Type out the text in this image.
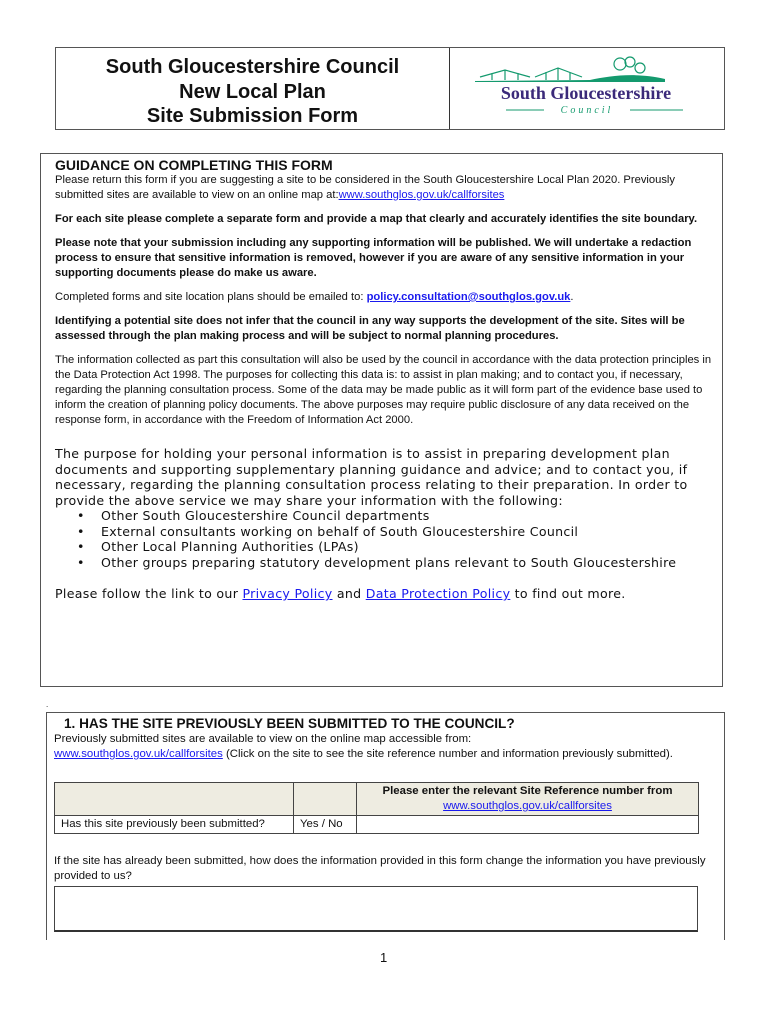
South Gloucestershire Council
New Local Plan
Site Submission Form
South Gloucestershire
Council
GUIDANCE ON COMPLETING THIS FORM

Please return this form if you are suggesting a site to be considered in the South Gloucestershire Local Plan 2020. Previously submitted sites are available to view on an online map at:www.southglos.gov.uk/callforsites

For each site please complete a separate form and provide a map that clearly and accurately identifies the site boundary.

Please note that your submission including any supporting information will be published. We will undertake a redaction process to ensure that sensitive information is removed, however if you are aware of any sensitive information in your supporting documents please do make us aware.

Completed forms and site location plans should be emailed to: policy.consultation@southglos.gov.uk.

Identifying a potential site does not infer that the council in any way supports the development of the site. Sites will be assessed through the plan making process and will be subject to normal planning procedures.

The information collected as part this consultation will also be used by the council in accordance with the data protection principles in the Data Protection Act 1998. The purposes for collecting this data is: to assist in plan making; and to contact you, if necessary, regarding the planning consultation process. Some of the data may be made public as it will form part of the evidence base used to inform the creation of planning policy documents. The above purposes may require public disclosure of any data received on the response form, in accordance with the Freedom of Information Act 2000.

The purpose for holding your personal information is to assist in preparing development plan documents and supporting supplementary planning guidance and advice; and to contact you, if necessary, regarding the planning consultation process relating to their preparation. In order to provide the above service we may share your information with the following:
• Other South Gloucestershire Council departments
• External consultants working on behalf of South Gloucestershire Council
• Other Local Planning Authorities (LPAs)
• Other groups preparing statutory development plans relevant to South Gloucestershire
Please follow the link to our Privacy Policy and Data Protection Policy to find out more.
.
1. HAS THE SITE PREVIOUSLY BEEN SUBMITTED TO THE COUNCIL?

Previously submitted sites are available to view on the online map accessible from:
www.southglos.gov.uk/callforsites (Click on the site to see the site reference number and information previously submitted).

		Please enter the relevant Site Reference number from www.southglos.gov.uk/callforsites
Has this site previously been submitted?	Yes / No	

If the site has already been submitted, how does the information provided in this form change the information you have previously provided to us?

1
